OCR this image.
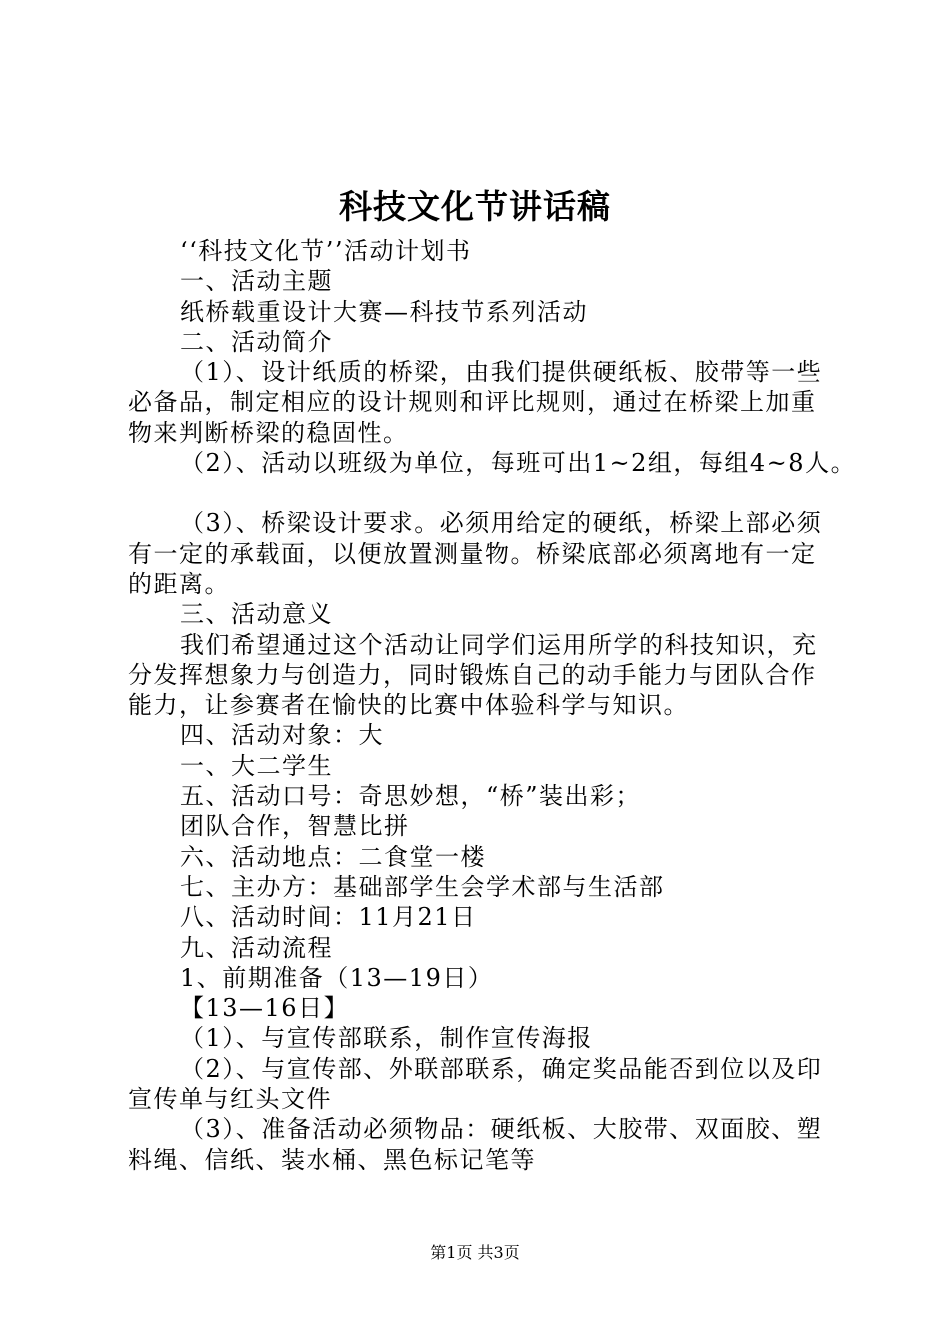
科技文化节讲话稿

‘‘科技文化节’’活动计划书

一、活动主题

纸桥载重设计大赛—科技节系列活动

二、活动简介

（1）、设计纸质的桥梁，由我们提供硬纸板、胶带等一些

必备品，制定相应的设计规则和评比规则，通过在桥梁上加重

物来判断桥梁的稳固性。

（2）、活动以班级为单位，每班可出1~2组，每组4~8人。

（3）、桥梁设计要求。必须用给定的硬纸，桥梁上部必须

有一定的承载面，以便放置测量物。桥梁底部必须离地有一定

的距离。

三、活动意义

我们希望通过这个活动让同学们运用所学的科技知识，充

分发挥想象力与创造力，同时锻炼自己的动手能力与团队合作

能力，让参赛者在愉快的比赛中体验科学与知识。

四、活动对象：大

一、大二学生

五、活动口号：奇思妙想，“桥”装出彩；

团队合作，智慧比拼

六、活动地点：二食堂一楼

七、主办方：基础部学生会学术部与生活部

八、活动时间：11月21日

九、活动流程

1、前期准备（13—19日）

【13—16日】

（1）、与宣传部联系，制作宣传海报

（2）、与宣传部、外联部联系，确定奖品能否到位以及印

宣传单与红头文件

（3）、准备活动必须物品：硬纸板、大胶带、双面胶、塑

料绳、信纸、装水桶、黑色标记笔等

第1页 共3页
